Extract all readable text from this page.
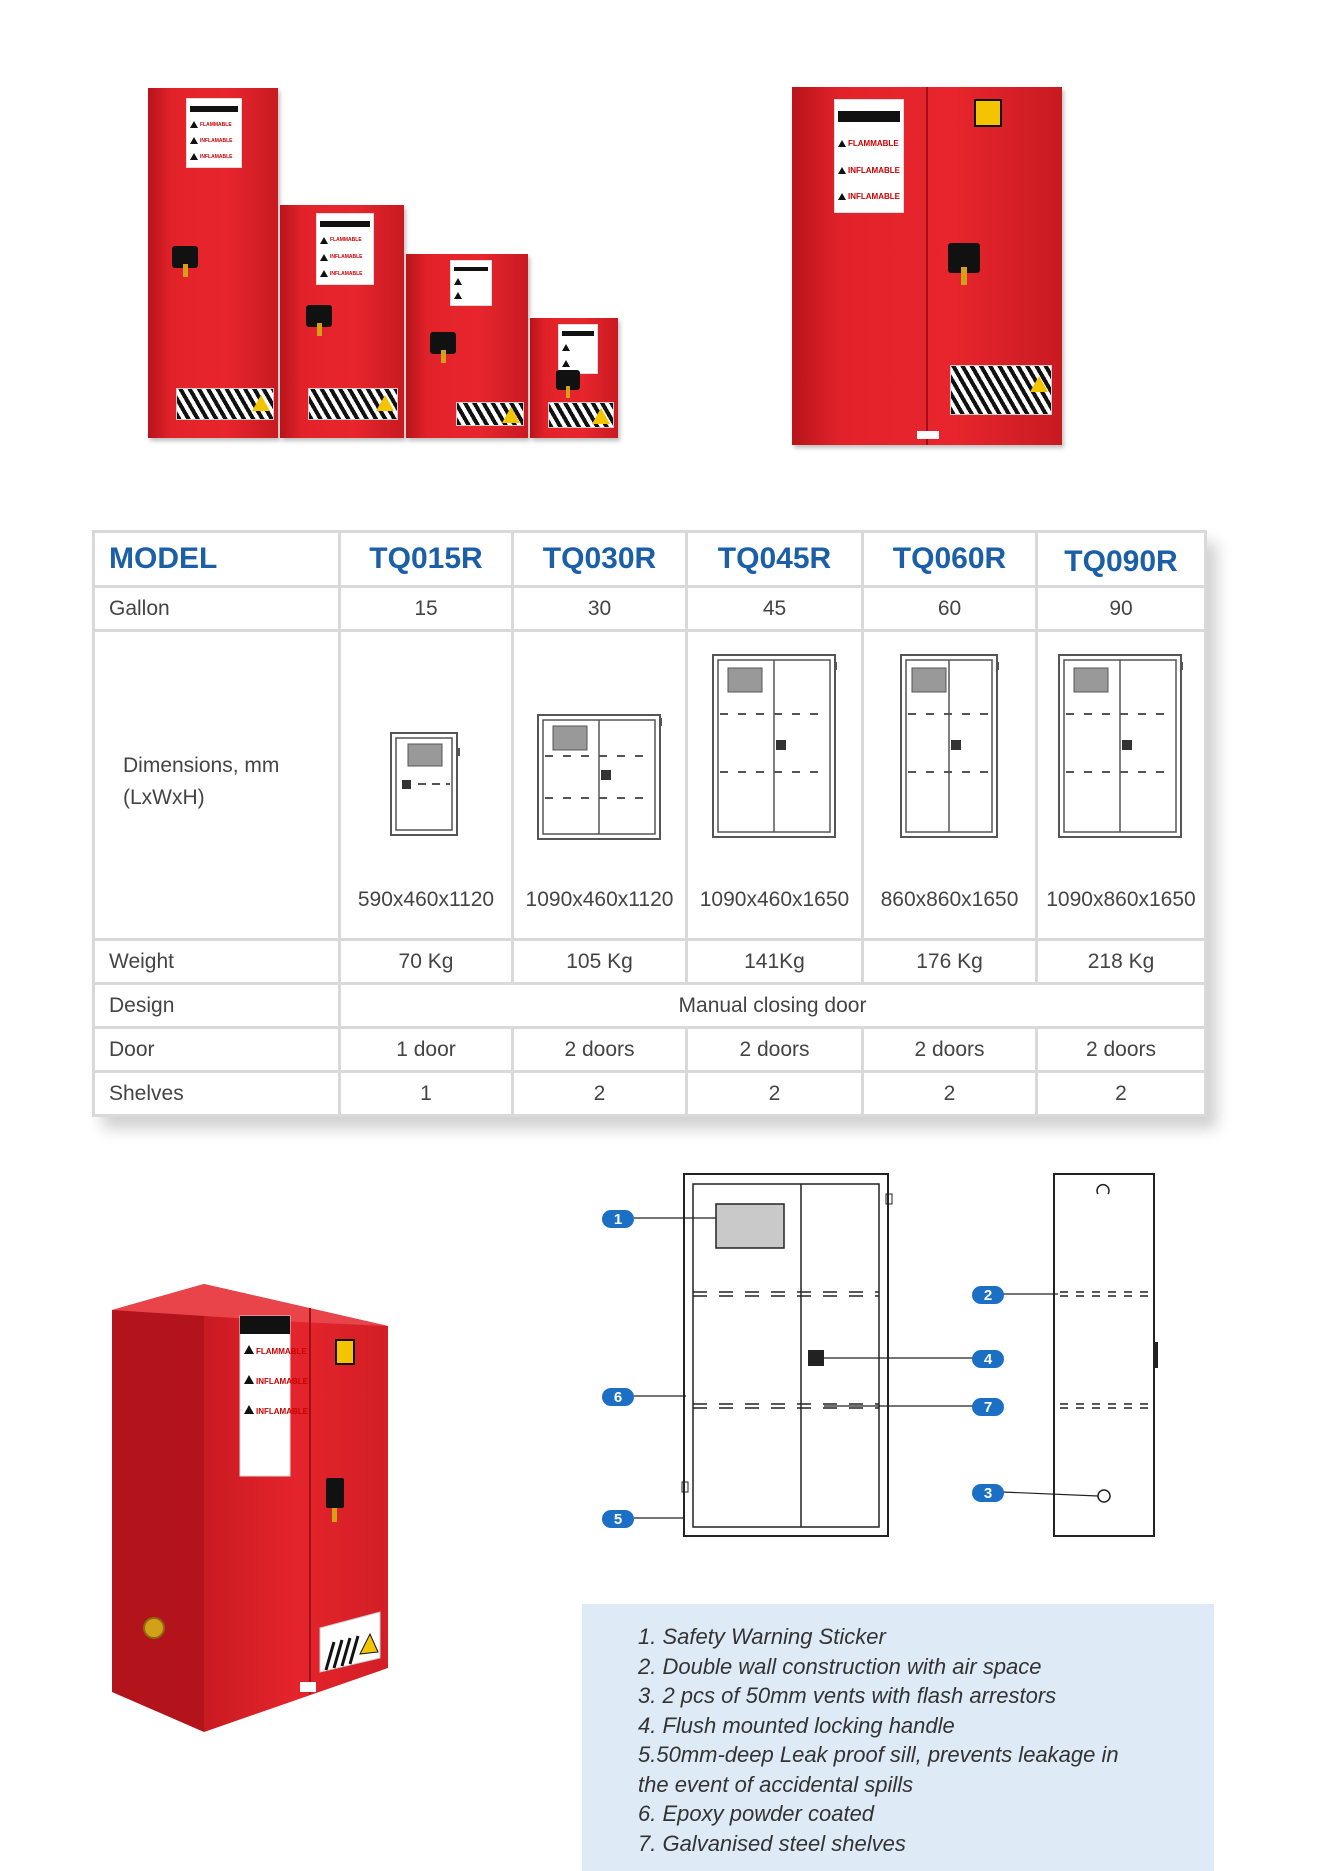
FLAMMABLE
INFLAMABLE
INFLAMABLE
FLAMMABLE
INFLAMABLE
INFLAMABLE
FLAMMABLE
INFLAMABLE
INFLAMABLE
MODEL	TQ015R	TQ030R	TQ045R	TQ060R	TQ090R
Gallon	15	30	45	60	90

Dimensions, mm
(LxWxH)	590x460x1120	1090x460x1120	1090x460x1650	860x860x1650	1090x860x1650

Weight	70 Kg	105 Kg	141Kg	176 Kg	218 Kg
Design	Manual closing door				
Door	1 door	2 doors	2 doors	2 doors	2 doors
Shelves	1	2	2	2	2
FLAMMABLE
INFLAMABLE
INFLAMABLE
1
2
3
4
5
6
7
1. Safety Warning Sticker
2. Double wall construction with air space
3. 2 pcs of 50mm vents with flash arrestors
4. Flush mounted locking handle
5.50mm-deep Leak proof sill, prevents leakage in
the event of accidental spills
6. Epoxy powder coated
7. Galvanised steel shelves
